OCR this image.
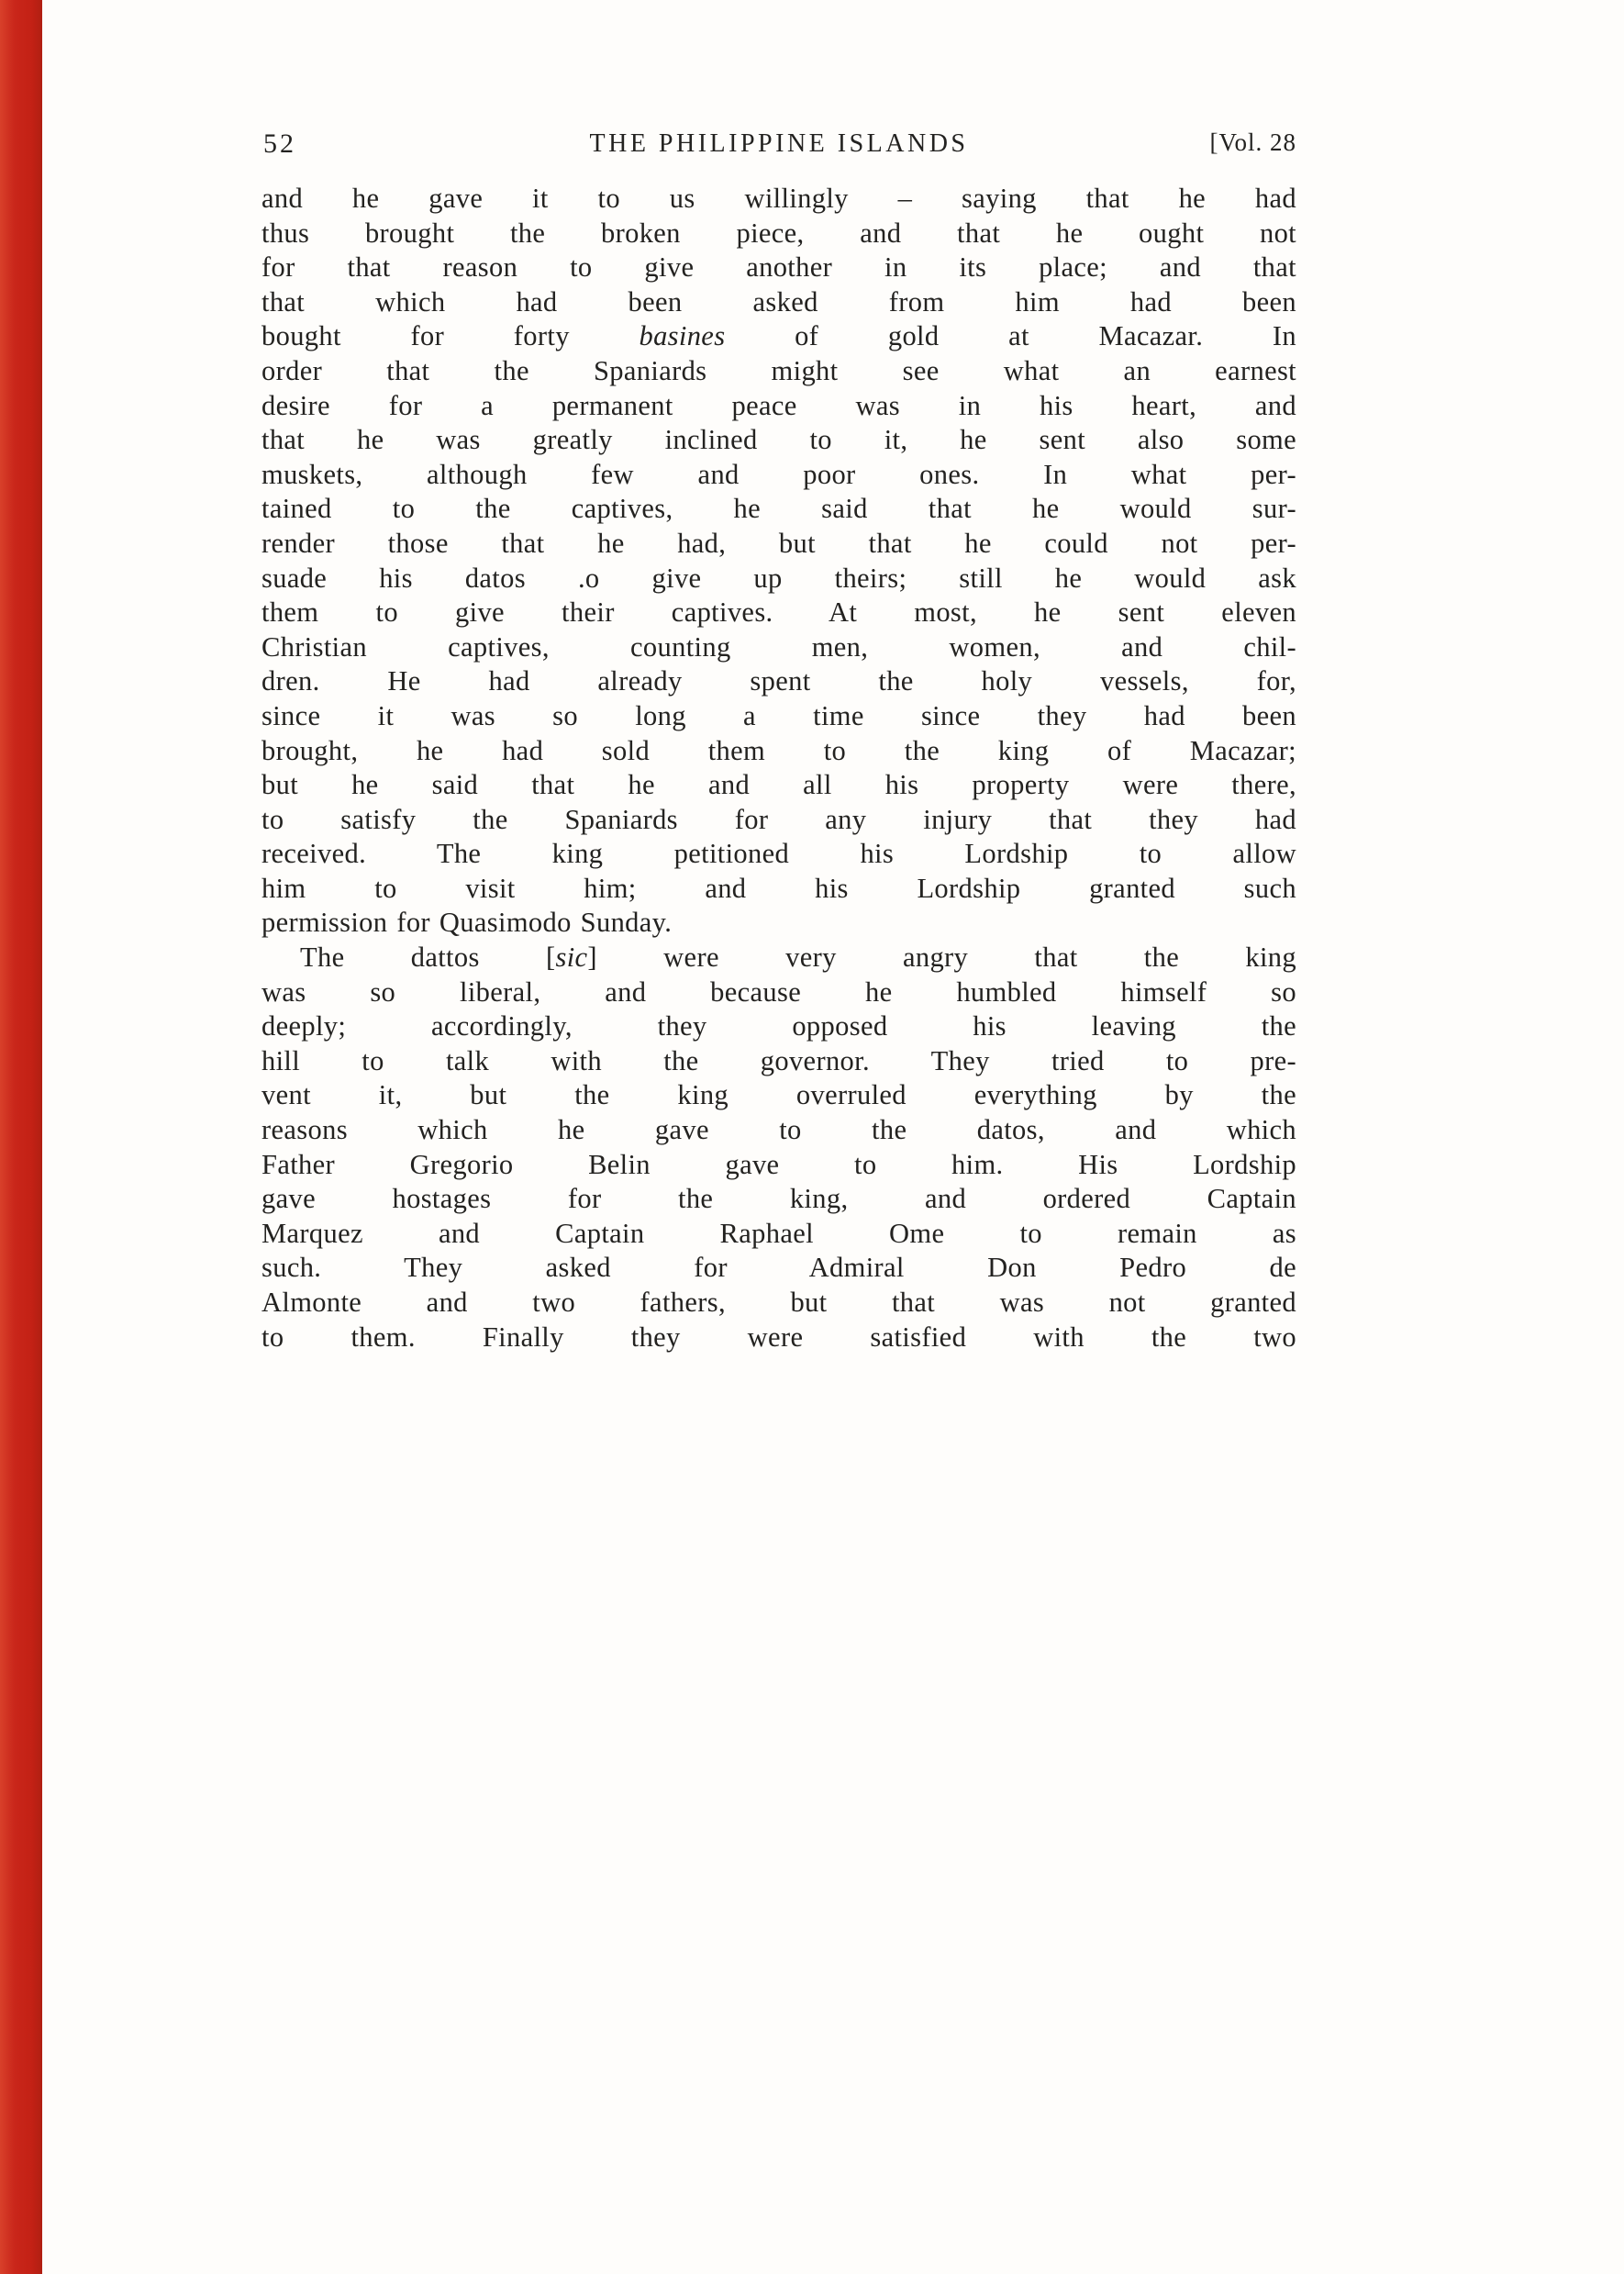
52	THE PHILIPPINE ISLANDS	[Vol. 28

and he gave it to us willingly – saying that he had
thus brought the broken piece, and that he ought not
for that reason to give another in its place; and that
that which had been asked from him had been
bought for forty basines of gold at Macazar. In
order that the Spaniards might see what an earnest
desire for a permanent peace was in his heart, and
that he was greatly inclined to it, he sent also some
muskets, although few and poor ones. In what per-
tained to the captives, he said that he would sur-
render those that he had, but that he could not per-
suade his datos .o give up theirs; still he would ask
them to give their captives. At most, he sent eleven
Christian captives, counting men, women, and chil-
dren. He had already spent the holy vessels, for,
since it was so long a time since they had been
brought, he had sold them to the king of Macazar;
but he said that he and all his property were there,
to satisfy the Spaniards for any injury that they had
received. The king petitioned his Lordship to allow
him to visit him; and his Lordship granted such
permission for Quasimodo Sunday.

The dattos [sic] were very angry that the king
was so liberal, and because he humbled himself so
deeply; accordingly, they opposed his leaving the
hill to talk with the governor. They tried to pre-
vent it, but the king overruled everything by the
reasons which he gave to the datos, and which
Father Gregorio Belin gave to him. His Lordship
gave hostages for the king, and ordered Captain
Marquez and Captain Raphael Ome to remain as
such. They asked for Admiral Don Pedro de
Almonte and two fathers, but that was not granted
to them. Finally they were satisfied with the two
